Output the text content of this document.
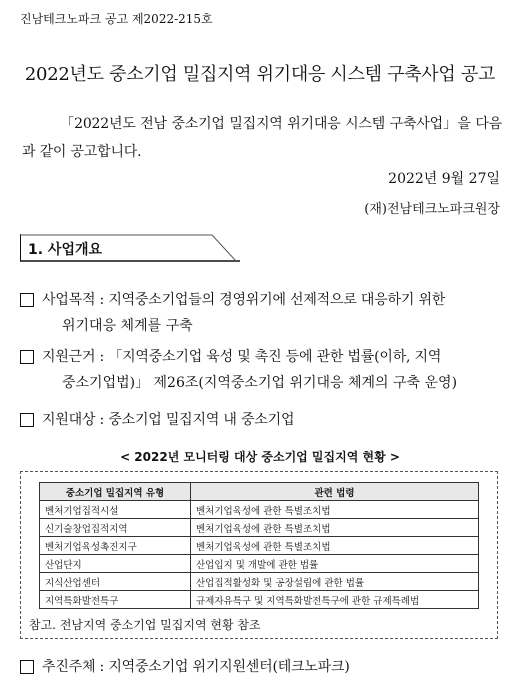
진남테크노파크 공고 제2022-215호
2022년도 중소기업 밀집지역 위기대응 시스템 구축사업 공고
「2022년도 전남 중소기업 밀집지역 위기대응 시스템 구축사업」을 다음과 같이 공고합니다.
2022년 9월 27일
(재)전남테크노파크원장
1. 사업개요
사업목적 : 지역중소기업들의 경영위기에 선제적으로 대응하기 위한
위기대응 체계를 구축
지원근거 : 「지역중소기업 육성 및 촉진 등에 관한 법률(이하, 지역
중소기업법)」 제26조(지역중소기업 위기대응 체계의 구축 운영)
지원대상 : 중소기업 밀집지역 내 중소기업
< 2022년 모니터링 대상 중소기업 밀집지역 현황 >
중소기업 밀집지역 유형	관련 법령
벤처기업집적시설	벤처기업육성에 관한 특별조치법
신기술창업집적지역	벤처기업육성에 관한 특별조치법
벤처기업육성촉진지구	벤처기업육성에 관한 특별조치법
산업단지	산업입지 및 개발에 관한 법률
지식산업센터	산업집적활성화 및 공장설립에 관한 법률
지역특화발전특구	규제자유특구 및 지역특화발전특구에 관한 규제특례법
참고. 전남지역 중소기업 밀집지역 현황 참조
추진주체 : 지역중소기업 위기지원센터(테크노파크)
